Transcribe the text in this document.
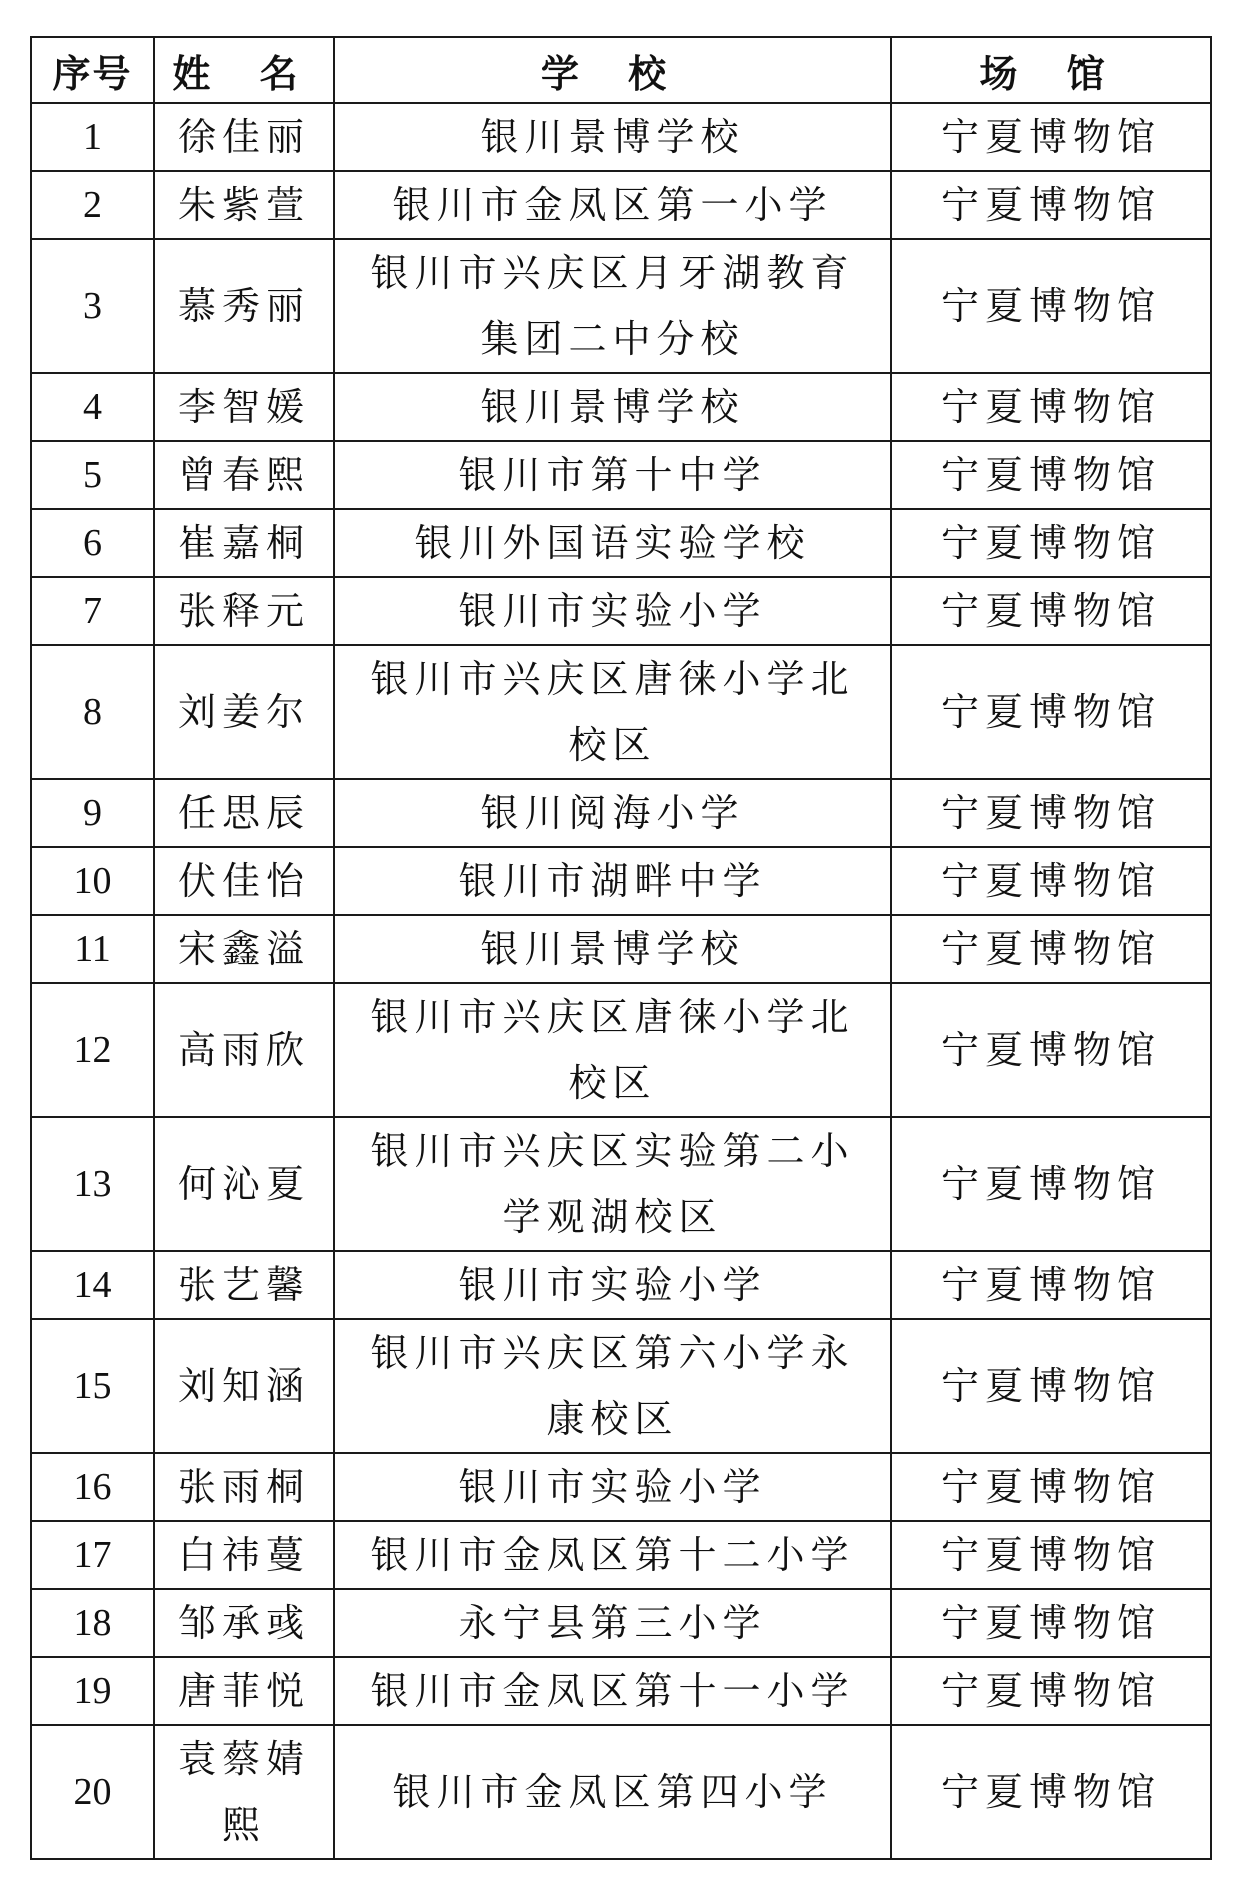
序号	姓 名	学 校	场 馆
1	徐佳丽	银川景博学校	宁夏博物馆
2	朱紫萱	银川市金凤区第一小学	宁夏博物馆
3	慕秀丽	银川市兴庆区月牙湖教育集团二中分校	宁夏博物馆
4	李智媛	银川景博学校	宁夏博物馆
5	曾春熙	银川市第十中学	宁夏博物馆
6	崔嘉桐	银川外国语实验学校	宁夏博物馆
7	张释元	银川市实验小学	宁夏博物馆
8	刘姜尔	银川市兴庆区唐徕小学北校区	宁夏博物馆
9	任思辰	银川阅海小学	宁夏博物馆
10	伏佳怡	银川市湖畔中学	宁夏博物馆
11	宋鑫溢	银川景博学校	宁夏博物馆
12	高雨欣	银川市兴庆区唐徕小学北校区	宁夏博物馆
13	何沁夏	银川市兴庆区实验第二小学观湖校区	宁夏博物馆
14	张艺馨	银川市实验小学	宁夏博物馆
15	刘知涵	银川市兴庆区第六小学永康校区	宁夏博物馆
16	张雨桐	银川市实验小学	宁夏博物馆
17	白祎蔓	银川市金凤区第十二小学	宁夏博物馆
18	邹承彧	永宁县第三小学	宁夏博物馆
19	唐菲悦	银川市金凤区第十一小学	宁夏博物馆
20	袁蔡婧熙	银川市金凤区第四小学	宁夏博物馆
